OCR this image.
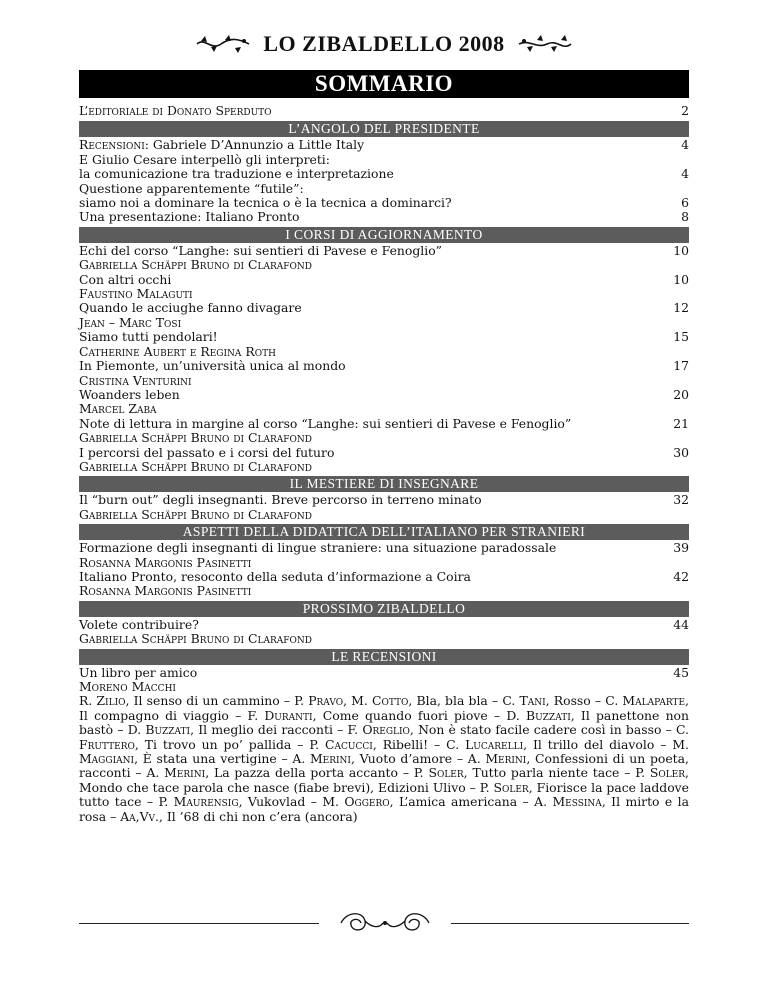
LO ZIBALDELLO 2008
SOMMARIO
L’editoriale di Donato Sperduto	2
L’ANGOLO DEL PRESIDENTE
Recensioni: Gabriele D’Annunzio a Little Italy	4
E Giulio Cesare interpellò gli interpreti:
la comunicazione tra traduzione e interpretazione	4
Questione apparentemente “futile”:
siamo noi a dominare la tecnica o è la tecnica a dominarci?	6
Una presentazione: Italiano Pronto	8
I CORSI DI AGGIORNAMENTO
Echi del corso “Langhe: sui sentieri di Pavese e Fenoglio”	10
Gabriella Schäppi Bruno di Clarafond
Con altri occhi	10
Faustino Malaguti
Quando le acciughe fanno divagare	12
Jean – Marc Tosi
Siamo tutti pendolari!	15
Catherine Aubert e Regina Roth
In Piemonte, un’università unica al mondo	17
Cristina Venturini
Woanders leben	20
Marcel Zaba
Note di lettura in margine al corso “Langhe: sui sentieri di Pavese e Fenoglio”	21
Gabriella Schäppi Bruno di Clarafond
I percorsi del passato e i corsi del futuro	30
Gabriella Schäppi Bruno di Clarafond
IL MESTIERE DI INSEGNARE
Il “burn out” degli insegnanti. Breve percorso in terreno minato	32
Gabriella Schäppi Bruno di Clarafond
ASPETTI DELLA DIDATTICA DELL’ITALIANO PER STRANIERI
Formazione degli insegnanti di lingue straniere: una situazione paradossale	39
Rosanna Margonis Pasinetti
Italiano Pronto, resoconto della seduta d’informazione a Coira	42
Rosanna Margonis Pasinetti
PROSSIMO ZIBALDELLO
Volete contribuire?	44
Gabriella Schäppi Bruno di Clarafond
LE RECENSIONI
Un libro per amico	45
Moreno Macchi
R. Zilio, Il senso di un cammino – P. Pravo, M. Cotto, Bla, bla bla – C. Tani, Rosso – C. Malaparte, Il compagno di viaggio – F. Duranti, Come quando fuori piove – D. Buzzati, Il panettone non bastò – D. Buzzati, Il meglio dei racconti – F. Oreglio, Non è stato facile cadere così in basso – C. Fruttero, Ti trovo un po’ pallida – P. Cacucci, Ribelli! – C. Lucarelli, Il trillo del diavolo – M. Maggiani, È stata una vertigine – A. Merini, Vuoto d’amore – A. Merini, Confessioni di un poeta, racconti – A. Merini, La pazza della porta accanto – P. Soler, Tutto parla niente tace – P. Soler, Mondo che tace parola che nasce (fiabe brevi), Edizioni Ulivo – P. Soler, Fiorisce la pace laddove tutto tace – P. Maurensig, Vukovlad – M. Oggero, L’amica americana – A. Messina, Il mirto e la rosa – Aa,Vv., Il ’68 di chi non c’era (ancora)
